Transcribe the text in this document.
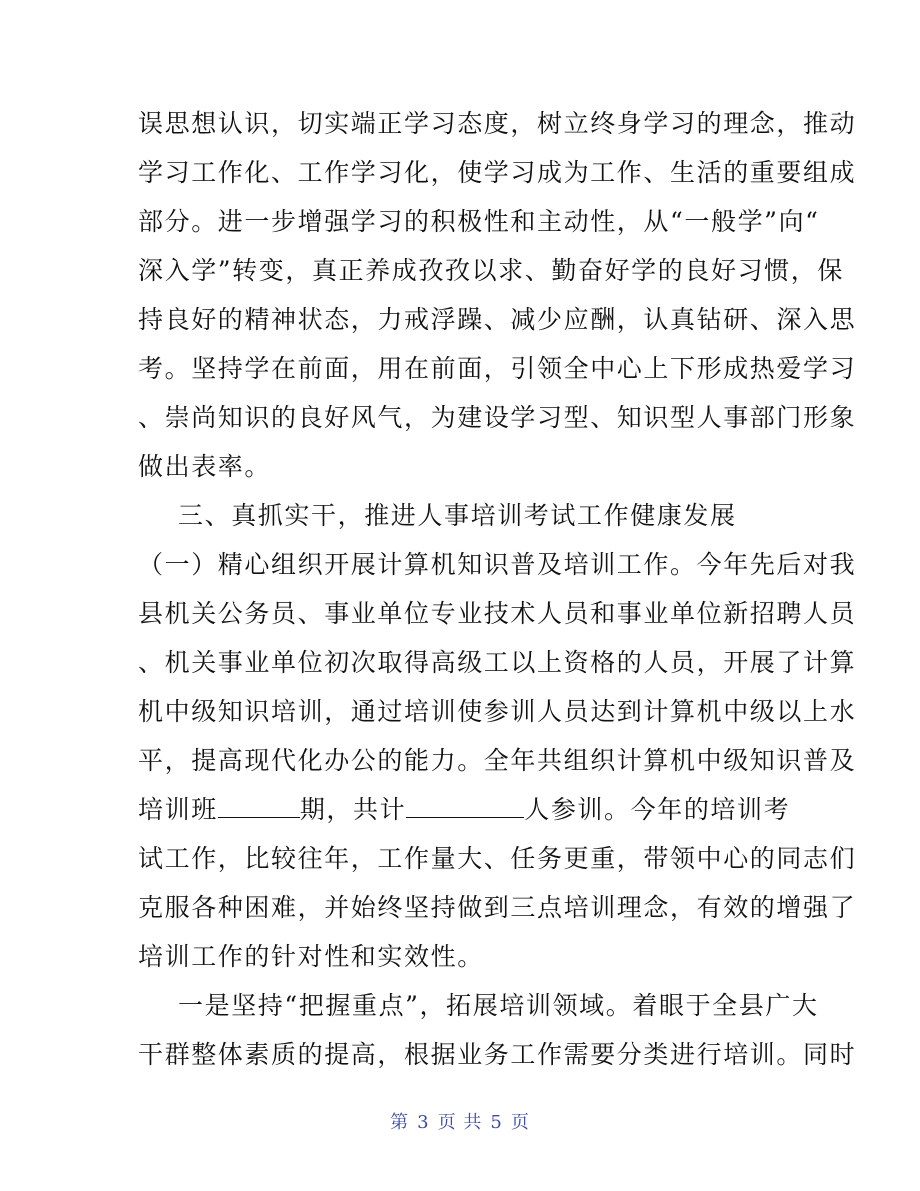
误思想认识，切实端正学习态度，树立终身学习的理念，推动
学习工作化、工作学习化，使学习成为工作、生活的重要组成
部分。进一步增强学习的积极性和主动性，从“一般学”向“
深入学”转变，真正养成孜孜以求、勤奋好学的良好习惯，保
持良好的精神状态，力戒浮躁、减少应酬，认真钻研、深入思
考。坚持学在前面，用在前面，引领全中心上下形成热爱学习
、崇尚知识的良好风气，为建设学习型、知识型人事部门形象
做出表率。
三、真抓实干，推进人事培训考试工作健康发展
（一）精心组织开展计算机知识普及培训工作。今年先后对我
县机关公务员、事业单位专业技术人员和事业单位新招聘人员
、机关事业单位初次取得高级工以上资格的人员，开展了计算
机中级知识培训，通过培训使参训人员达到计算机中级以上水
平，提高现代化办公的能力。全年共组织计算机中级知识普及
培训班	期，共计	人参训。今年的培训考
试工作，比较往年，工作量大、任务更重，带领中心的同志们
克服各种困难，并始终坚持做到三点培训理念，有效的增强了
培训工作的针对性和实效性。
一是坚持“把握重点”，拓展培训领域。着眼于全县广大
干群整体素质的提高，根据业务工作需要分类进行培训。同时
第 3 页 共 5 页
